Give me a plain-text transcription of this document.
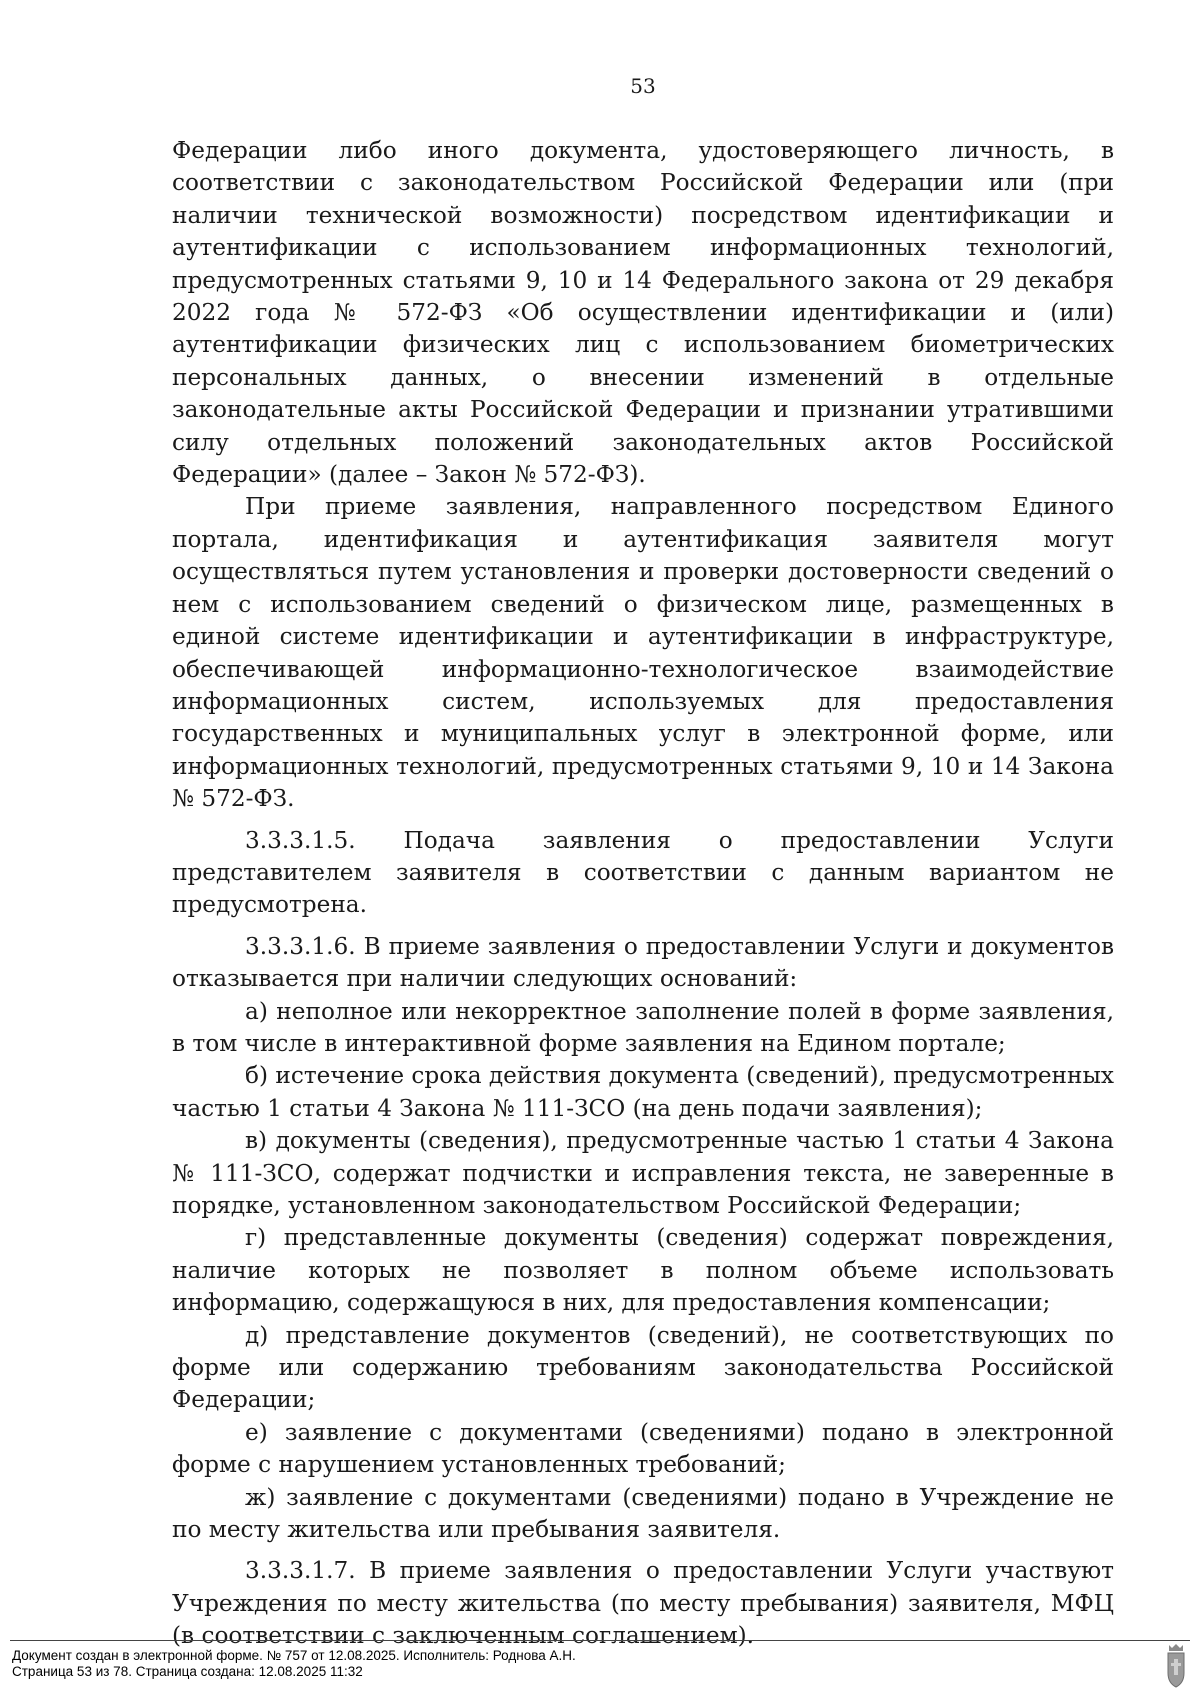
53

Федерации либо иного документа, удостоверяющего личность, в соответствии с законодательством Российской Федерации или (при наличии технической возможности) посредством идентификации и аутентификации с использованием информационных технологий, предусмотренных статьями 9, 10 и 14 Федерального закона от 29 декабря 2022 года № 572-ФЗ «Об осуществлении идентификации и (или) аутентификации физических лиц с использованием биометрических персональных данных, о внесении изменений в отдельные законодательные акты Российской Федерации и признании утратившими силу отдельных положений законодательных актов Российской Федерации» (далее – Закон № 572-ФЗ).

При приеме заявления, направленного посредством Единого портала, идентификация и аутентификация заявителя могут осуществляться путем установления и проверки достоверности сведений о нем с использованием сведений о физическом лице, размещенных в единой системе идентификации и аутентификации в инфраструктуре, обеспечивающей информационно-технологическое взаимодействие информационных систем, используемых для предоставления государственных и муниципальных услуг в электронной форме, или информационных технологий, предусмотренных статьями 9, 10 и 14 Закона № 572-ФЗ.

3.3.3.1.5. Подача заявления о предоставлении Услуги представителем заявителя в соответствии с данным вариантом не предусмотрена.

3.3.3.1.6. В приеме заявления о предоставлении Услуги и документов отказывается при наличии следующих оснований:

а) неполное или некорректное заполнение полей в форме заявления, в том числе в интерактивной форме заявления на Едином портале;

б) истечение срока действия документа (сведений), предусмотренных частью 1 статьи 4 Закона № 111-ЗСО (на день подачи заявления);

в) документы (сведения), предусмотренные частью 1 статьи 4 Закона № 111-ЗСО, содержат подчистки и исправления текста, не заверенные в порядке, установленном законодательством Российской Федерации;

г) представленные документы (сведения) содержат повреждения, наличие которых не позволяет в полном объеме использовать информацию, содержащуюся в них, для предоставления компенсации;

д) представление документов (сведений), не соответствующих по форме или содержанию требованиям законодательства Российской Федерации;

е) заявление с документами (сведениями) подано в электронной форме с нарушением установленных требований;

ж) заявление с документами (сведениями) подано в Учреждение не по месту жительства или пребывания заявителя.

3.3.3.1.7. В приеме заявления о предоставлении Услуги участвуют Учреждения по месту жительства (по месту пребывания) заявителя, МФЦ (в соответствии с заключенным соглашением).

Документ создан в электронной форме. № 757 от 12.08.2025. Исполнитель: Роднова А.Н.
Страница 53 из 78. Страница создана: 12.08.2025 11:32
